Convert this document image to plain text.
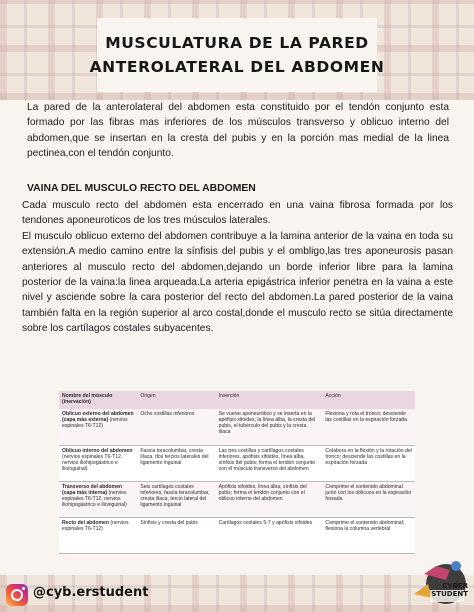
MUSCULATURA DE LA PARED
ANTEROLATERAL DEL ABDOMEN
La pared de la anterolateral del abdomen esta constituido por el tendón conjunto esta formado por las fibras mas inferiores de los músculos transverso y oblicuo interno del abdomen,que se insertan en la cresta del pubis y en la porción mas medial de la linea pectinea,con el tendón conjunto.
VAINA DEL MUSCULO RECTO DEL ABDOMEN

Cada musculo recto del abdomen esta encerrado en una vaina fibrosa formada por los tendones aponeuroticos de los tres músculos laterales.

El musculo oblicuo externo del abdomen contribuye a la lamina anterior de la vaina en toda su extensión.A medio camino entre la sínfisis del pubis y el ombligo,las tres aponeurosis pasan anteriores al musculo recto del abdomen,dejando un borde inferior libre para la lamina posterior de la vaina:la linea arqueada.La arteria epigástrica inferior penetra en la vaina a este nivel y asciende sobre la cara posterior del recto del abdomen.La pared posterior de la vaina también falta en la región superior al arco costal,donde el musculo recto se sitúa directamente sobre los cartílagos costales subyacentes.

Nombre del músculo (inervación)	Origen	Inserción	Acción
Oblicuo externo del abdomen (capa más externa) (nervios espinales T6-T12)	Ocho costillas inferiores	Se vuelve aponeurótico y se inserta en la apófisis xifoides, la línea alba, la cresta del pubis, el tubérculo del pubis y la cresta ilíaca	Flexiona y rota el tronco; desciende las costillas en la espiración forzada
Oblicuo interno del abdomen (nervios espinales T6-T12, nervios iliohipogástrico e ilioinguinal)	Fascia toracolumbar, cresta ilíaca, dos tercios laterales del ligamento inguinal	Las tres costillas y cartílagos costales inferiores, apófisis xifoides, línea alba, sínfisis del pubis; forma el tendón conjunto con el músculo transverso del abdomen	Colabora en la flexión y la rotación del tronco; desciende las costillas en la espiración forzada
Transverso del abdomen (capa más interna) (nervios espinales T6-T12, nervios iliohipogástrico e ilioinguinal)	Seis cartílagos costales inferiores, fascia toracolumbar, cresta ilíaca, tercio lateral del ligamento inguinal	Apófisis xifoides, línea alba, sínfisis del pubis; forma el tendón conjunto con el oblicuo interno del abdomen	Comprime el contenido abdominal junto con los oblicuos en la espiración forzada
Recto del abdomen (nervios espinales T6-T12)	Sínfisis y cresta del pubis	Cartílagos costales 5-7 y apófisis xifoides	Comprime el contenido abdominal; flexiona la columna vertebral
@cyb.erstudent	CYBER
STUDENT
